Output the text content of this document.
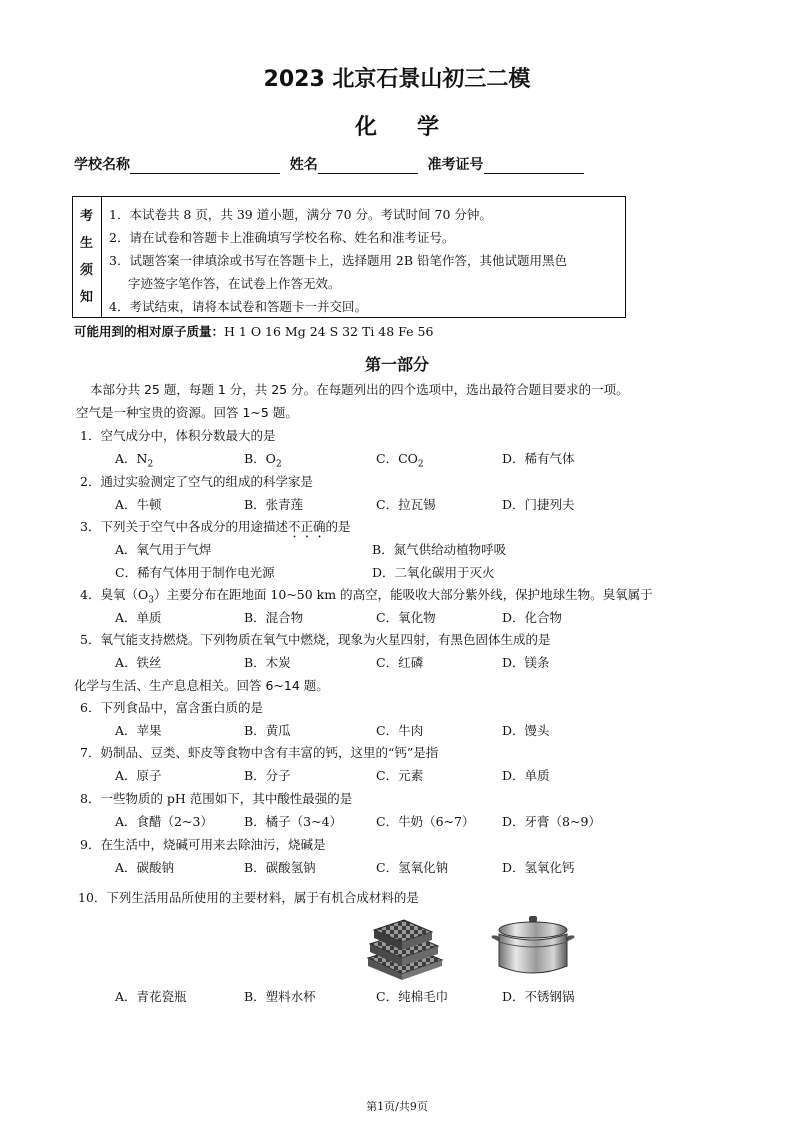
2023 北京石景山初三二模
化学
学校名称	姓名	准考证号
考
生
须
知
1．本试卷共 8 页，共 39 道小题，满分 70 分。考试时间 70 分钟。
2．请在试卷和答题卡上准确填写学校名称、姓名和准考证号。
3．试题答案一律填涂或书写在答题卡上，选择题用 2B 铅笔作答，其他试题用黑色
字迹签字笔作答，在试卷上作答无效。
4．考试结束，请将本试卷和答题卡一并交回。
可能用到的相对原子质量：H 1 O 16 Mg 24 S 32 Ti 48 Fe 56
第一部分
本部分共 25 题，每题 1 分，共 25 分。在每题列出的四个选项中，选出最符合题目要求的一项。
空气是一种宝贵的资源。回答 1~5 题。
1．空气成分中，体积分数最大的是
A．$N_2$	B．$O_2$	C．$CO_2$	D．稀有气体
2．通过实验测定了空气的组成的科学家是
A．牛顿	B．张青莲	C．拉瓦锡	D．门捷列夫
3．下列关于空气中各成分的用途描述不正确的是
A．氧气用于气焊	B．氮气供给动植物呼吸
C．稀有气体用于制作电光源	D．二氧化碳用于灭火
4．臭氧$(O_3)$主要分布在距地面 10~50 km 的高空，能吸收大部分紫外线，保护地球生物。臭氧属于
A．单质	B．混合物	C．氧化物	D．化合物
5．氧气能支持燃烧。下列物质在氧气中燃烧，现象为火星四射，有黑色固体生成的是
A．铁丝	B．木炭	C．红磷	D．镁条
化学与生活、生产息息相关。回答 6~14 题。
6．下列食品中，富含蛋白质的是
A．苹果	B．黄瓜	C．牛肉	D．馒头
7．奶制品、豆类、虾皮等食物中含有丰富的钙，这里的“钙”是指
A．原子	B．分子	C．元素	D．单质
8．一些物质的 pH 范围如下，其中酸性最强的是
A．食醋（2~3） B．橘子（3~4）	C．牛奶（6~7） D．牙膏（8~9）
9．在生活中，烧碱可用来去除油污，烧碱是
A．碳酸钠	B．碳酸氢钠	C．氢氧化钠	D．氢氧化钙
10．下列生活用品所使用的主要材料，属于有机合成材料的是
A．青花瓷瓶	B．塑料水杯	C．纯棉毛巾	D．不锈钢锅
第1页/共9页
